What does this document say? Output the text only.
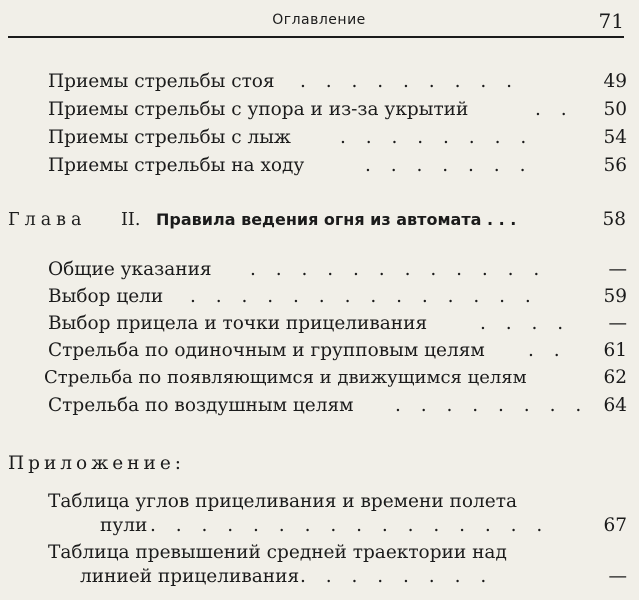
Оглавление	71
Приемы стрельбы стоя . . . . . . . . .	49
Приемы стрельбы с упора и из-за укрытий	. . 50
Приемы стрельбы с лыж	. . . . . . . .	54
Приемы стрельбы на ходу	. . . . . . .	56
Глава II. Правила ведения огня из автомата . . .	58
Общие указания . . . . . . . . . . . .	—
Выбор цели . . . . . . . . . . . . . .	59
Выбор прицела и точки прицеливания	. . . . —
Стрельба по одиночным и групповым целям . . 61
Стрельба по появляющимся и движущимся целям	62
Стрельба по воздушным целям . . . . . . . . 64
Приложение:
Таблица углов прицеливания и времени полета
пули . . . . . . . . . . . . . . . .	67
Таблица превышений средней траектории над
линией прицеливания . . . . . . . .	—
